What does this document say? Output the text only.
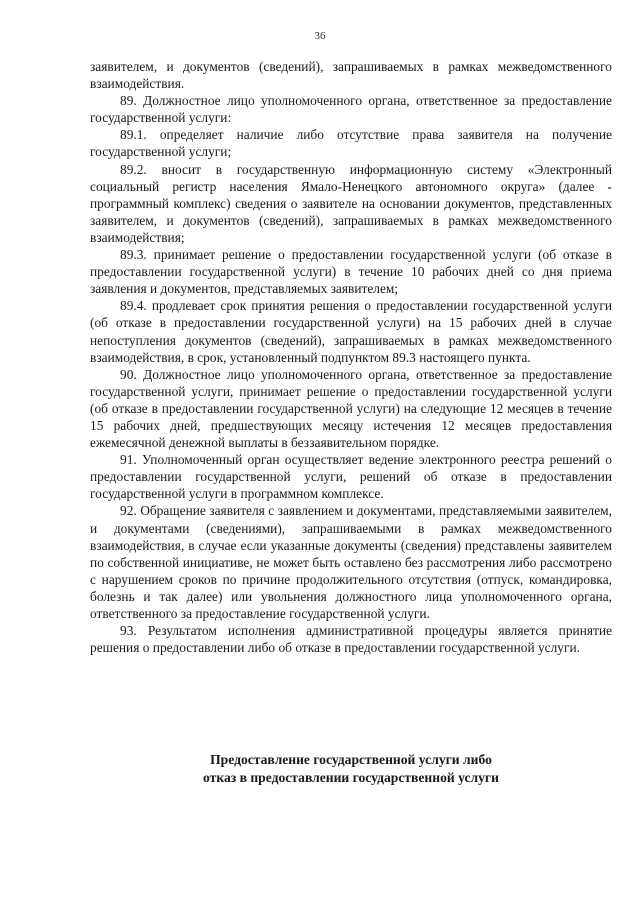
36

заявителем, и документов (сведений), запрашиваемых в рамках межведомственного взаимодействия.

89. Должностное лицо уполномоченного органа, ответственное за предоставление государственной услуги:

89.1. определяет наличие либо отсутствие права заявителя на получение государственной услуги;

89.2. вносит в государственную информационную систему «Электронный социальный регистр населения Ямало-Ненецкого автономного округа» (далее - программный комплекс) сведения о заявителе на основании документов, представленных заявителем, и документов (сведений), запрашиваемых в рамках межведомственного взаимодействия;

89.3. принимает решение о предоставлении государственной услуги (об отказе в предоставлении государственной услуги) в течение 10 рабочих дней со дня приема заявления и документов, представляемых заявителем;

89.4. продлевает срок принятия решения о предоставлении государственной услуги (об отказе в предоставлении государственной услуги) на 15 рабочих дней в случае непоступления документов (сведений), запрашиваемых в рамках межведомственного взаимодействия, в срок, установленный подпунктом 89.3 настоящего пункта.

90. Должностное лицо уполномоченного органа, ответственное за предоставление государственной услуги, принимает решение о предоставлении государственной услуги (об отказе в предоставлении государственной услуги) на следующие 12 месяцев в течение 15 рабочих дней, предшествующих месяцу истечения 12 месяцев предоставления ежемесячной денежной выплаты в беззаявительном порядке.

91. Уполномоченный орган осуществляет ведение электронного реестра решений о предоставлении государственной услуги, решений об отказе в предоставлении государственной услуги в программном комплексе.

92. Обращение заявителя с заявлением и документами, представляемыми заявителем, и документами (сведениями), запрашиваемыми в рамках межведомственного взаимодействия, в случае если указанные документы (сведения) представлены заявителем по собственной инициативе, не может быть оставлено без рассмотрения либо рассмотрено с нарушением сроков по причине продолжительного отсутствия (отпуск, командировка, болезнь и так далее) или увольнения должностного лица уполномоченного органа, ответственного за предоставление государственной услуги.

93. Результатом исполнения административной процедуры является принятие решения о предоставлении либо об отказе в предоставлении государственной услуги.

Предоставление государственной услуги либо
отказ в предоставлении государственной услуги
